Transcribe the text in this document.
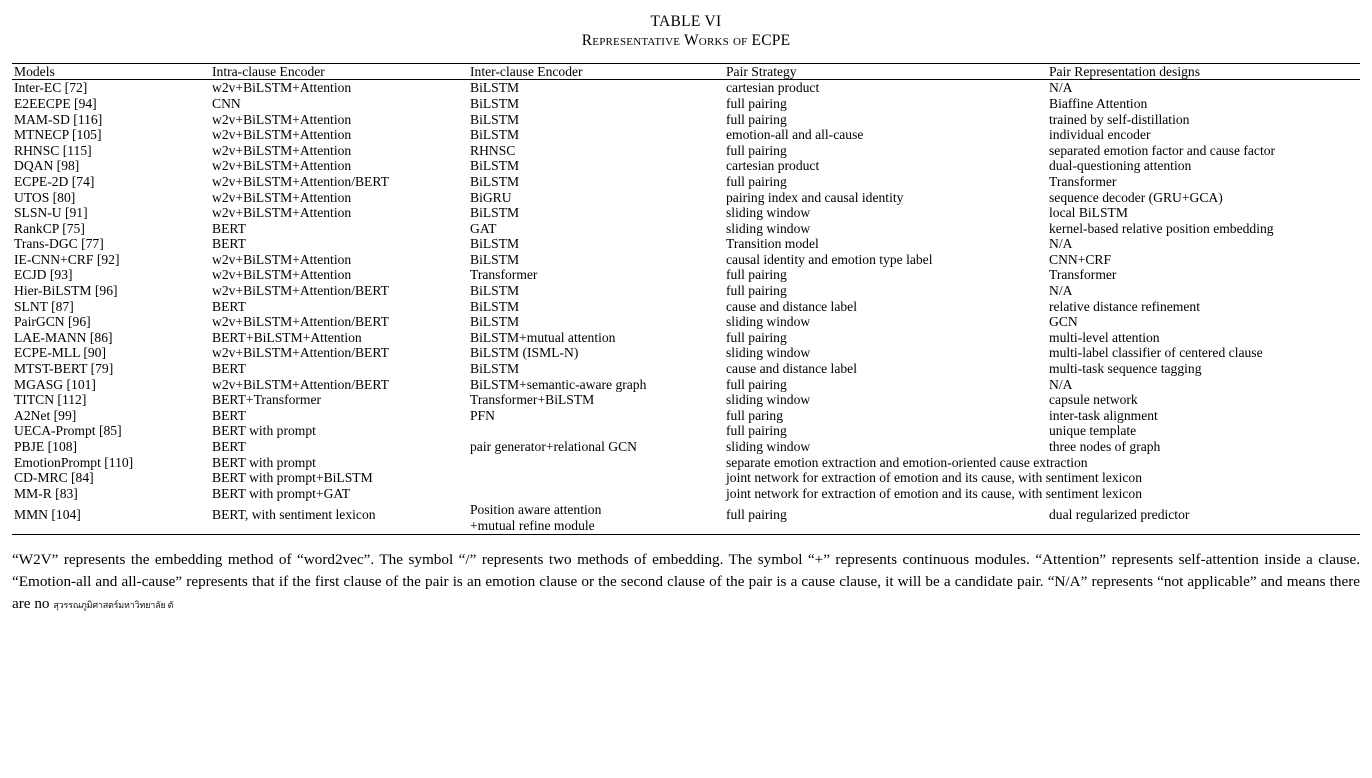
TABLE VI
Representative Works of ECPE
Models	Intra-clause Encoder	Inter-clause Encoder	Pair Strategy	Pair Representation designs
Inter-EC [72]	w2v+BiLSTM+Attention	BiLSTM	cartesian product	N/A
E2EECPE [94]	CNN	BiLSTM	full pairing	Biaffine Attention
MAM-SD [116]	w2v+BiLSTM+Attention	BiLSTM	full pairing	trained by self-distillation
MTNECP [105]	w2v+BiLSTM+Attention	BiLSTM	emotion-all and all-cause	individual encoder
RHNSC [115]	w2v+BiLSTM+Attention	RHNSC	full pairing	separated emotion factor and cause factor
DQAN [98]	w2v+BiLSTM+Attention	BiLSTM	cartesian product	dual-questioning attention
ECPE-2D [74]	w2v+BiLSTM+Attention/BERT	BiLSTM	full pairing	Transformer
UTOS [80]	w2v+BiLSTM+Attention	BiGRU	pairing index and causal identity	sequence decoder (GRU+GCA)
SLSN-U [91]	w2v+BiLSTM+Attention	BiLSTM	sliding window	local BiLSTM
RankCP [75]	BERT	GAT	sliding window	kernel-based relative position embedding
Trans-DGC [77]	BERT	BiLSTM	Transition model	N/A
IE-CNN+CRF [92]	w2v+BiLSTM+Attention	BiLSTM	causal identity and emotion type label	CNN+CRF
ECJD [93]	w2v+BiLSTM+Attention	Transformer	full pairing	Transformer
Hier-BiLSTM [96]	w2v+BiLSTM+Attention/BERT	BiLSTM	full pairing	N/A
SLNT [87]	BERT	BiLSTM	cause and distance label	relative distance refinement
PairGCN [96]	w2v+BiLSTM+Attention/BERT	BiLSTM	sliding window	GCN
LAE-MANN [86]	BERT+BiLSTM+Attention	BiLSTM+mutual attention	full pairing	multi-level attention
ECPE-MLL [90]	w2v+BiLSTM+Attention/BERT	BiLSTM (ISML-N)	sliding window	multi-label classifier of centered clause
MTST-BERT [79]	BERT	BiLSTM	cause and distance label	multi-task sequence tagging
MGASG [101]	w2v+BiLSTM+Attention/BERT	BiLSTM+semantic-aware graph	full pairing	N/A
TITCN [112]	BERT+Transformer	Transformer+BiLSTM	sliding window	capsule network
A2Net [99]	BERT	PFN	full paring	inter-task alignment
UECA-Prompt [85]	BERT with prompt		full pairing	unique template
PBJE [108]	BERT	pair generator+relational GCN	sliding window	three nodes of graph
EmotionPrompt [110]	BERT with prompt		separate emotion extraction and emotion-oriented cause extraction	
CD-MRC [84]	BERT with prompt+BiLSTM		joint network for extraction of emotion and its cause, with sentiment lexicon	
MM-R [83]	BERT with prompt+GAT		joint network for extraction of emotion and its cause, with sentiment lexicon	
MMN [104]	BERT, with sentiment lexicon	Position aware attention
+mutual refine module	full pairing	dual regularized predictor
“W2V” represents the embedding method of “word2vec”. The symbol “/” represents two methods of embedding. The symbol “+” represents continuous modules. “Attention” represents self-attention inside a clause. “Emotion-all and all-cause” represents that if the first clause of the pair is an emotion clause or the second clause of the pair is a cause clause, it will be a candidate pair. “N/A” represents “not applicable” and means there are no สุวรรณภูมิศาสตร์มหาวิทยาลัย ตั
